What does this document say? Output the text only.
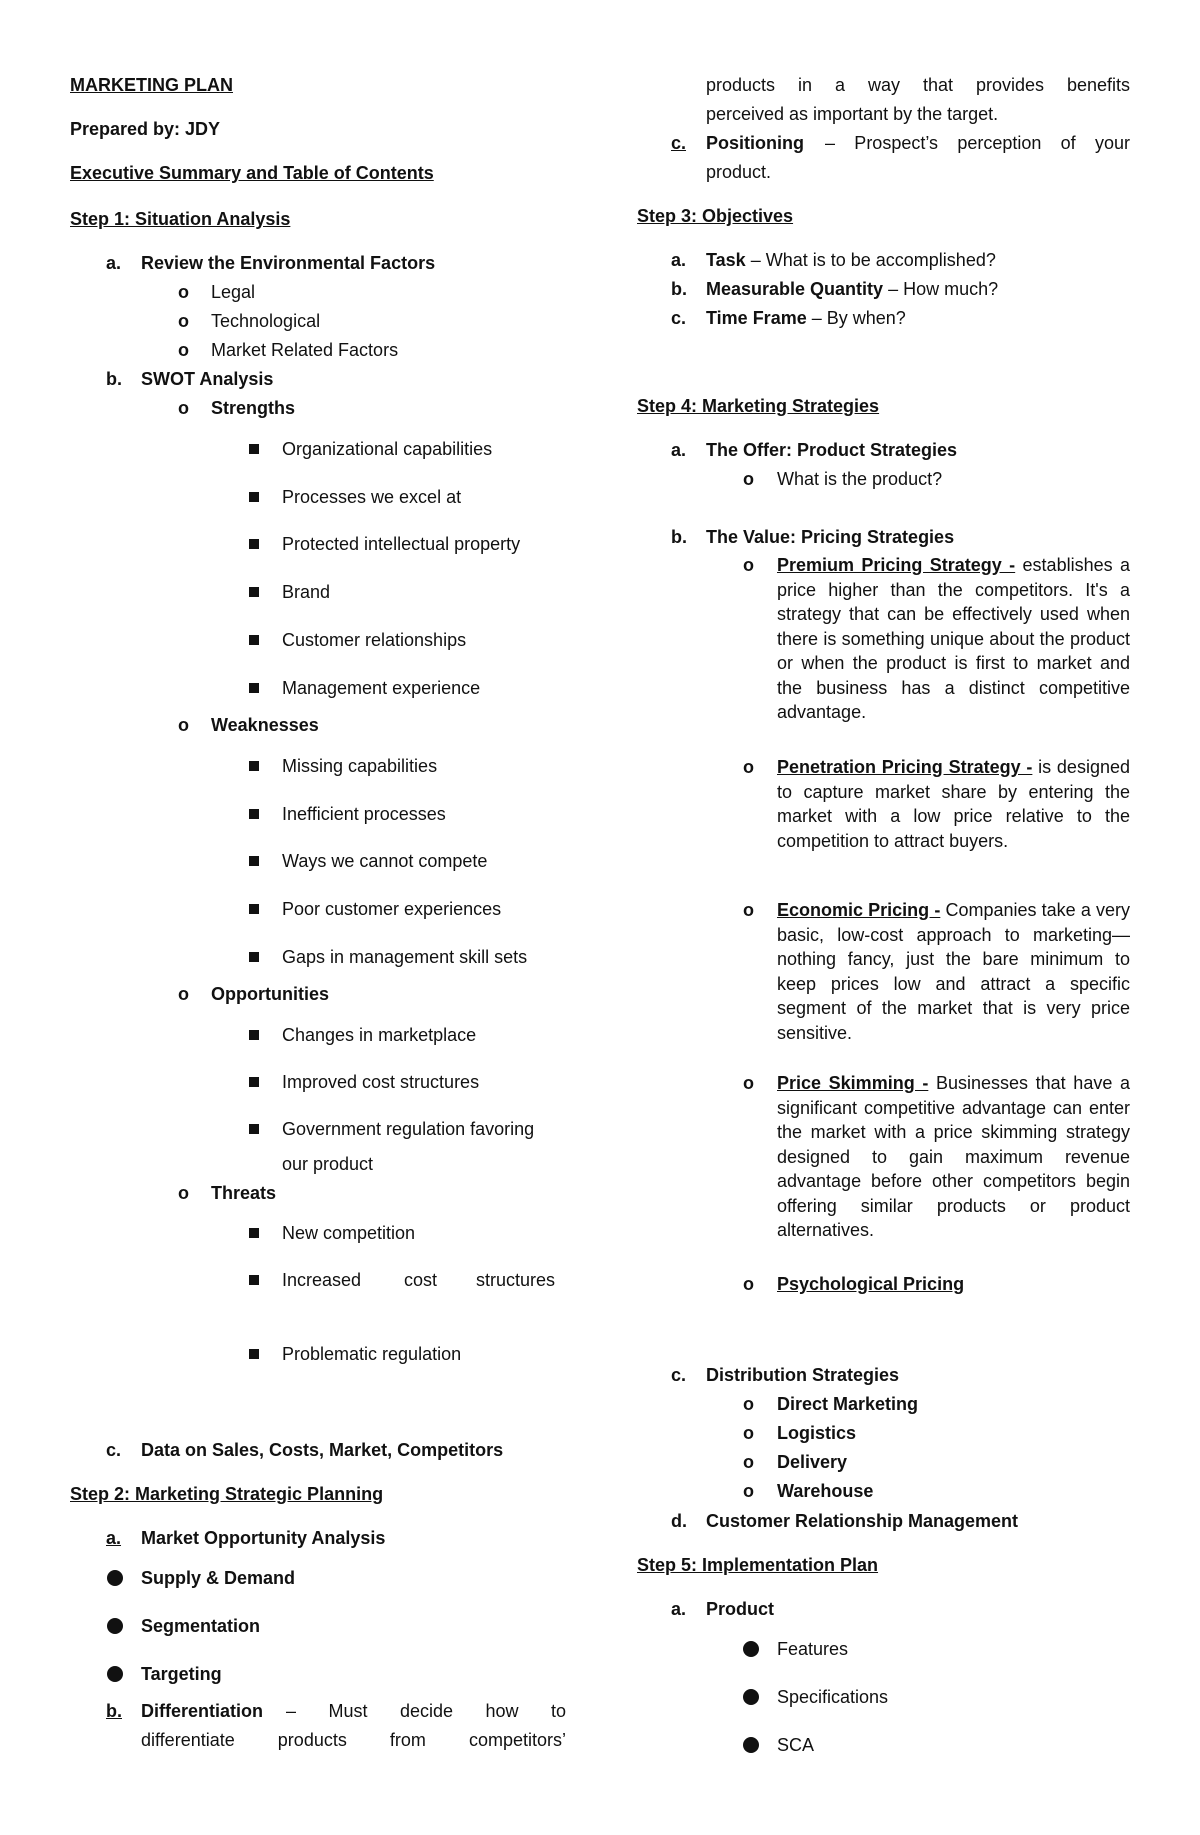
MARKETING PLAN
Prepared by: JDY
Executive Summary and Table of Contents
Step 1: Situation Analysis
a. Review the Environmental Factors
o Legal
o Technological
o Market Related Factors
b. SWOT Analysis
o Strengths
Organizational capabilities
Processes we excel at
Protected intellectual property
Brand
Customer relationships
Management experience
o Weaknesses
Missing capabilities
Inefficient processes
Ways we cannot compete
Poor customer experiences
Gaps in management skill sets
o Opportunities
Changes in marketplace
Improved cost structures
Government regulation favoring
our product
o Threats
New competition
Increased cost structures
Problematic regulation
c. Data on Sales, Costs, Market, Competitors
Step 2: Marketing Strategic Planning
a.	Market Opportunity Analysis
Supply & Demand
Segmentation
Targeting
b.	Differentiation – Must decide how to
differentiate products from competitors’
products in a way that provides benefits
perceived as important by the target.
c.	Positioning – Prospect’s perception of your
product.
Step 3: Objectives
a. Task – What is to be accomplished?
b. Measurable Quantity – How much?
c. Time Frame – By when?
Step 4: Marketing Strategies
a. The Offer: Product Strategies
o What is the product?
b. The Value: Pricing Strategies
o Premium Pricing Strategy - establishes a price higher than the competitors. It's a strategy that can be effectively used when there is something unique about the product or when the product is first to market and the business has a distinct competitive advantage.
o Penetration Pricing Strategy - is designed to capture market share by entering the market with a low price relative to the competition to attract buyers.
o Economic Pricing - Companies take a very basic, low-cost approach to marketing—nothing fancy, just the bare minimum to keep prices low and attract a specific segment of the market that is very price sensitive.
o Price Skimming - Businesses that have a significant competitive advantage can enter the market with a price skimming strategy designed to gain maximum revenue advantage before other competitors begin offering similar products or product alternatives.
o Psychological Pricing
c. Distribution Strategies
o Direct Marketing
o Logistics
o Delivery
o Warehouse
d. Customer Relationship Management
Step 5: Implementation Plan
a. Product
Features
Specifications
SCA
